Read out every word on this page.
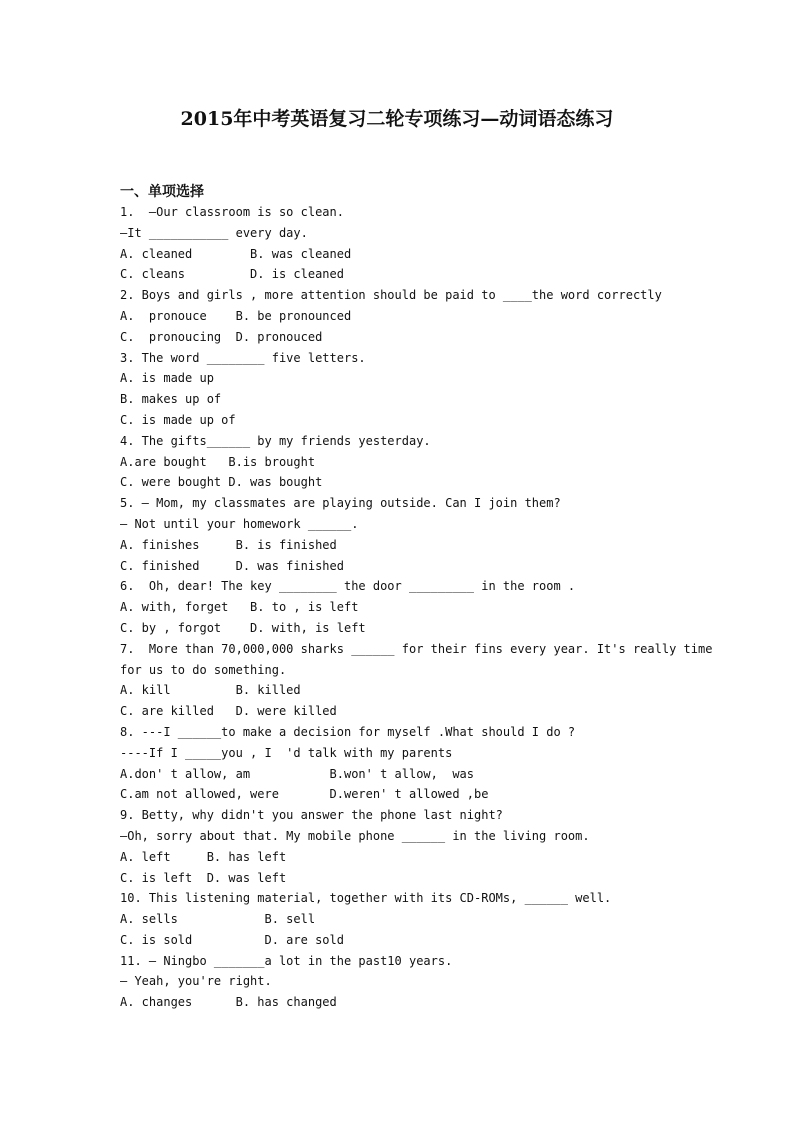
2015年中考英语复习二轮专项练习—动词语态练习
一、单项选择
1.  —Our classroom is so clean.
—It ___________ every day.
A. cleaned        B. was cleaned
C. cleans         D. is cleaned
2. Boys and girls , more attention should be paid to ____the word correctly
A.  pronouce    B. be pronounced
C.  pronoucing  D. pronouced
3. The word ________ five letters.
A. is made up
B. makes up of
C. is made up of
4. The gifts______ by my friends yesterday.
A.are bought   B.is brought
C. were bought D. was bought
5. — Mom, my classmates are playing outside. Can I join them?
— Not until your homework ______.
A. finishes     B. is finished
C. finished     D. was finished
6.  Oh, dear! The key ________ the door _________ in the room .
A. with, forget   B. to , is left
C. by , forgot    D. with, is left
7.  More than 70,000,000 sharks ______ for their fins every year. It's really time
for us to do something.
A. kill         B. killed
C. are killed   D. were killed
8. ---I ______to make a decision for myself .What should I do ?
----If I _____you , I  'd talk with my parents
A.don' t allow, am           B.won' t allow,  was
C.am not allowed, were       D.weren' t allowed ,be
9. Betty, why didn't you answer the phone last night?
—Oh, sorry about that. My mobile phone ______ in the living room.
A. left     B. has left
C. is left  D. was left
10. This listening material, together with its CD-ROMs, ______ well.
A. sells            B. sell
C. is sold          D. are sold
11. — Ningbo _______a lot in the past10 years.
— Yeah, you're right.
A. changes      B. has changed
